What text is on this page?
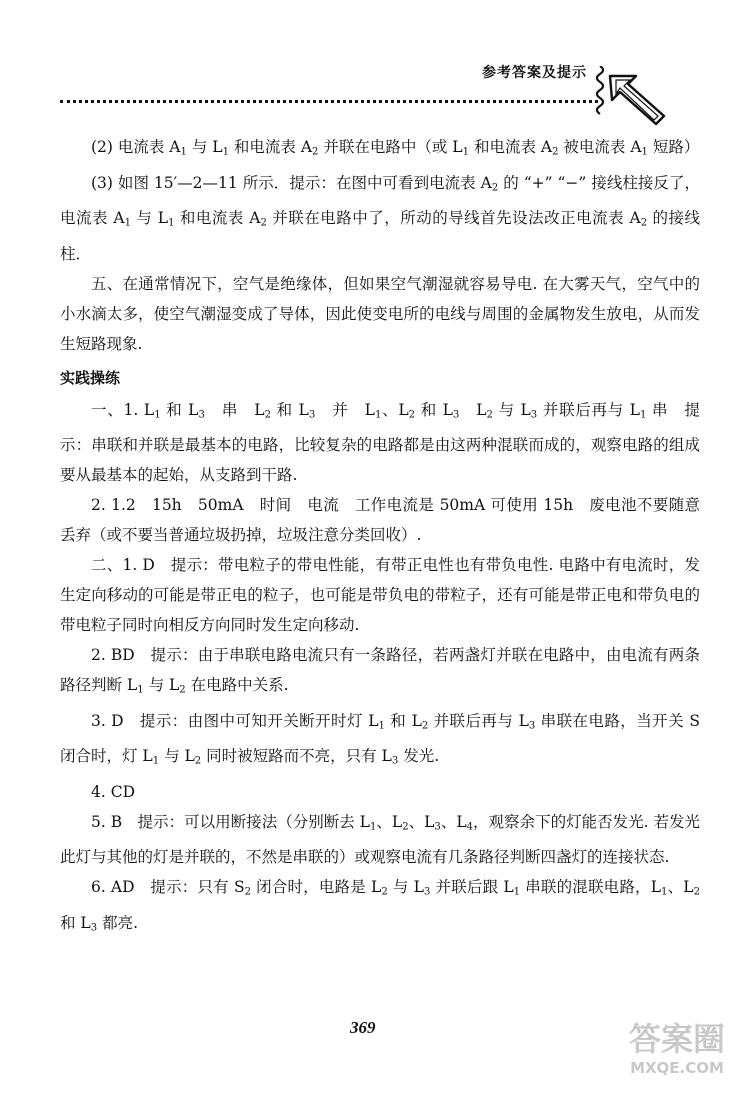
参考答案及提示

(2) 电流表 $A_1$ 与 $L_1$ 和电流表 $A_2$ 并联在电路中（或 $L_1$ 和电流表 $A_2$ 被电流表 $A_1$ 短路）

(3) 如图 15′—2—11 所示．提示：在图中可看到电流表 $A_2$ 的 “+” “−” 接线柱接反了，电流表 $A_1$ 与 $L_1$ 和电流表 $A_2$ 并联在电路中了，所动的导线首先设法改正电流表 $A_2$ 的接线柱．

五、在通常情况下，空气是绝缘体，但如果空气潮湿就容易导电. 在大雾天气，空气中的小水滴太多，使空气潮湿变成了导体，因此使变电所的电线与周围的金属物发生放电，从而发生短路现象.

实践操练

一、1. $L_1$ 和 $L_3$　串　$L_2$ 和 $L_3$　并　$L_1$、$L_2$ 和 $L_3$　$L_2$ 与 $L_3$ 并联后再与 $L_1$ 串　提示：串联和并联是最基本的电路，比较复杂的电路都是由这两种混联而成的，观察电路的组成要从最基本的起始，从支路到干路.

2. 1.2　15h　50mA　时间　电流　工作电流是 50mA 可使用 15h　废电池不要随意丢弃（或不要当普通垃圾扔掉，垃圾注意分类回收）.

二、1. D　提示：带电粒子的带电性能，有带正电性也有带负电性. 电路中有电流时，发生定向移动的可能是带正电的粒子，也可能是带负电的带粒子，还有可能是带正电和带负电的带电粒子同时向相反方向同时发生定向移动.

2. BD　提示：由于串联电路电流只有一条路径，若两盏灯并联在电路中，由电流有两条路径判断 $L_1$ 与 $L_2$ 在电路中关系.

3. D　提示：由图中可知开关断开时灯 $L_1$ 和 $L_2$ 并联后再与 $L_3$ 串联在电路，当开关 S 闭合时，灯 $L_1$ 与 $L_2$ 同时被短路而不亮，只有 $L_3$ 发光.

4. CD

5. B　提示：可以用断接法（分别断去 $L_1$、$L_2$、$L_3$、$L_4$，观察余下的灯能否发光. 若发光此灯与其他的灯是并联的，不然是串联的）或观察电流有几条路径判断四盏灯的连接状态.

6. AD　提示：只有 $S_2$ 闭合时，电路是 $L_2$ 与 $L_3$ 并联后跟 $L_1$ 串联的混联电路，$L_1$、$L_2$ 和 $L_3$ 都亮.

369	答案圈
MXQE.COM
